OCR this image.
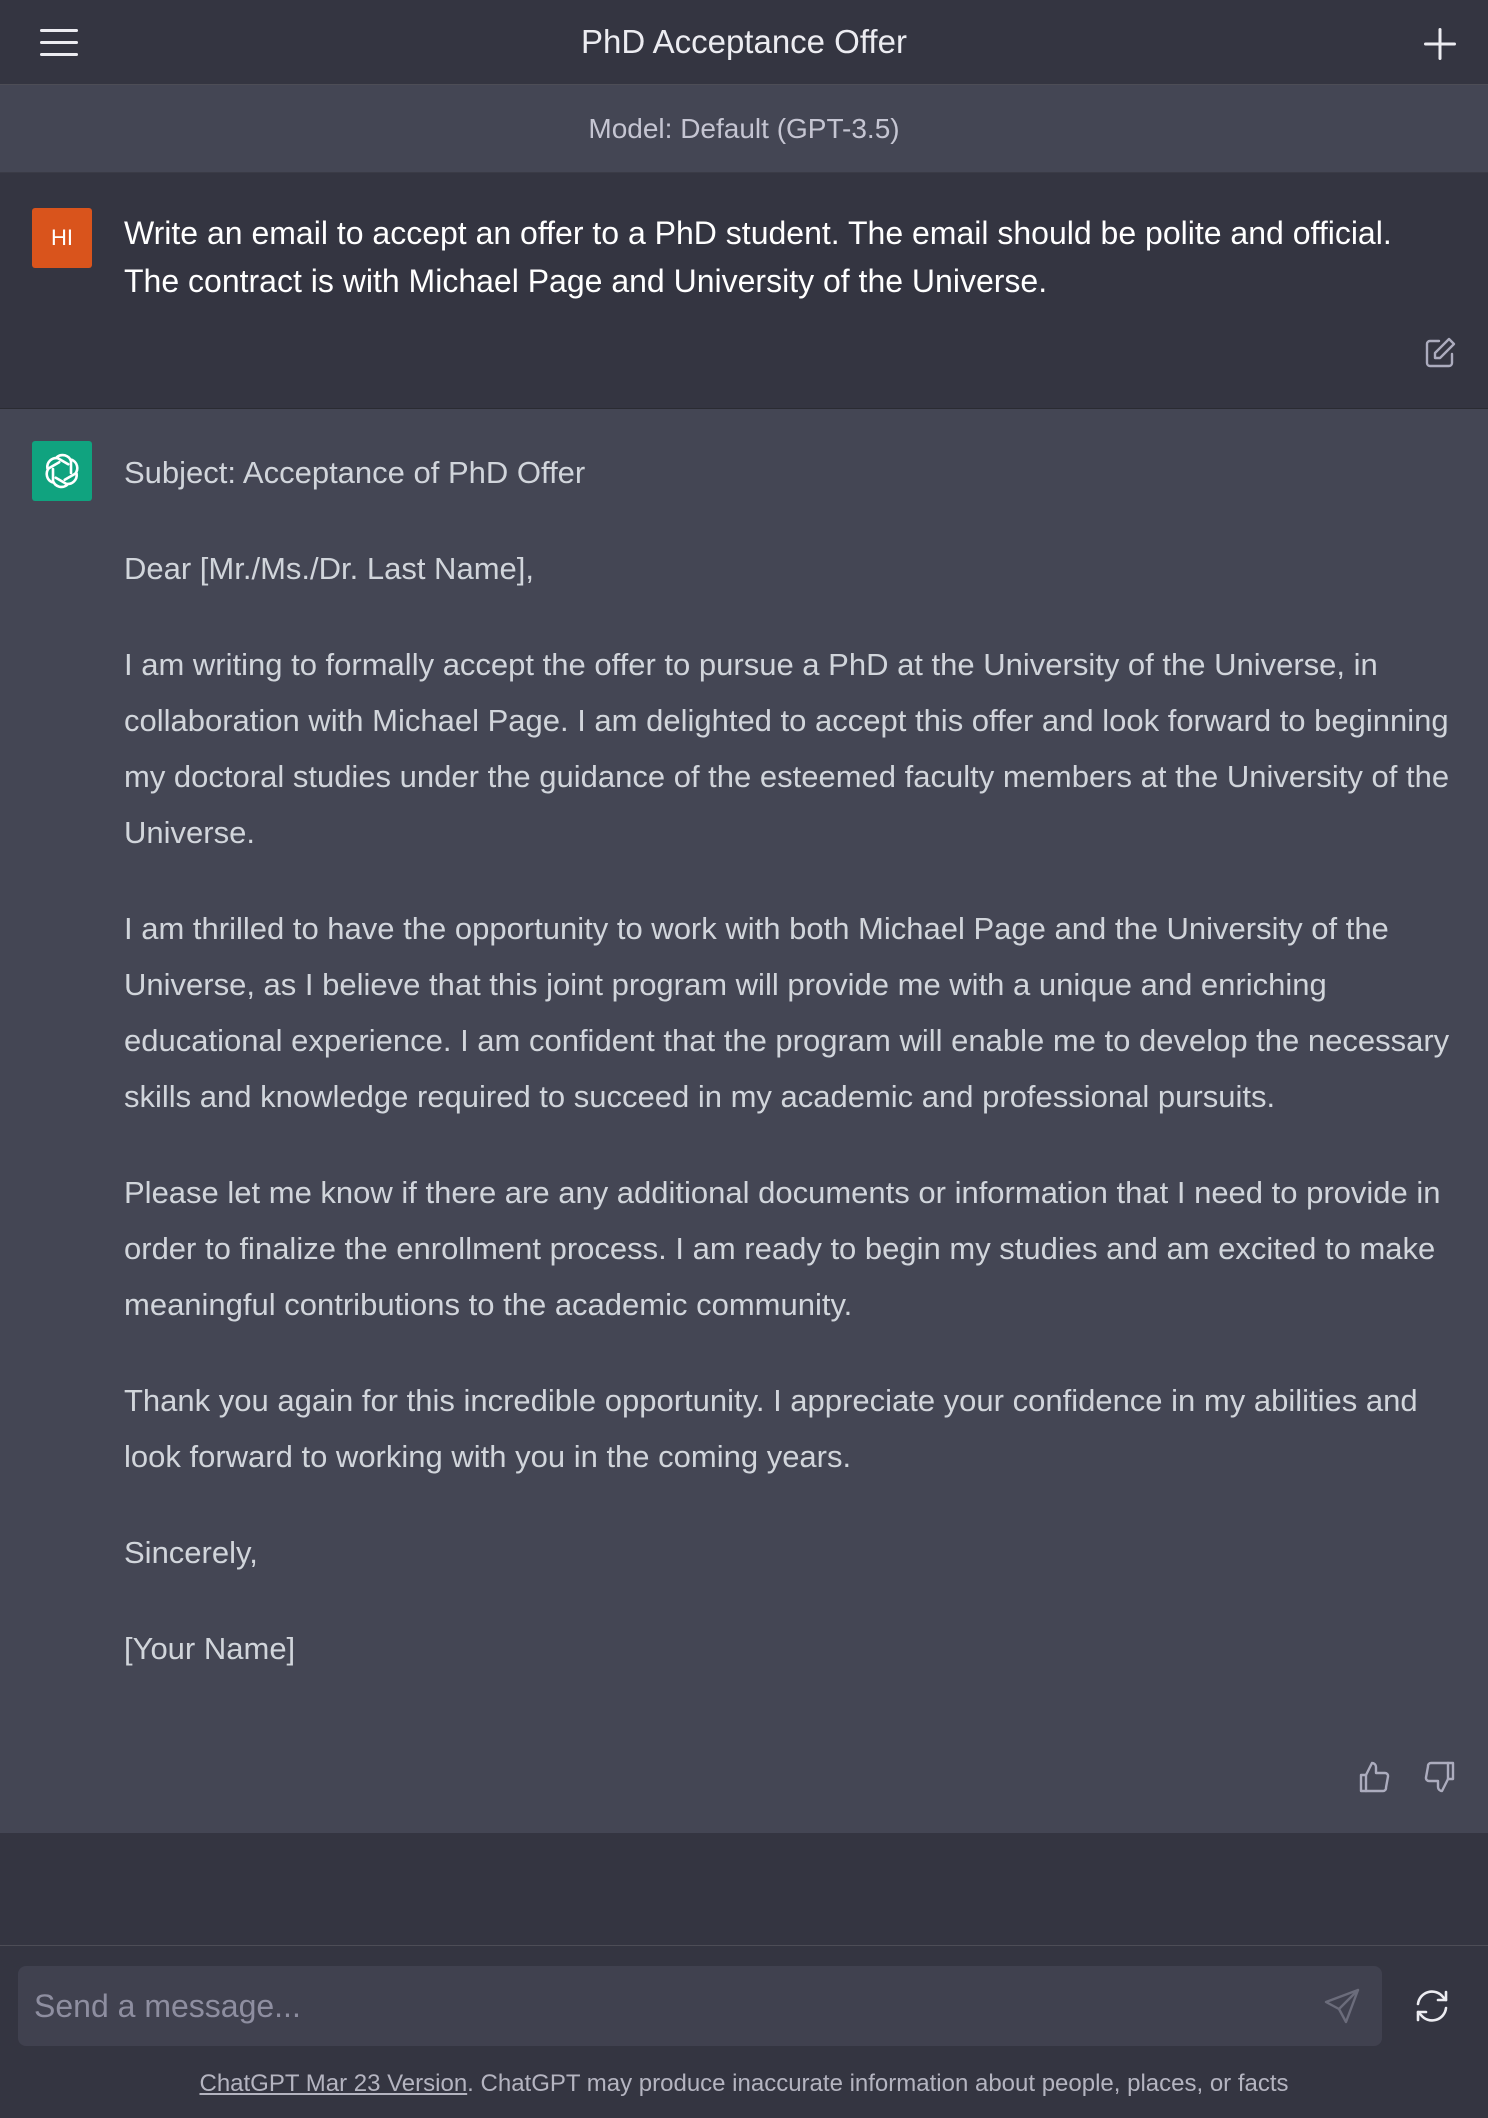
PhD Acceptance Offer
Model: Default (GPT-3.5)
HI Write an email to accept an offer to a PhD student. The email should be polite and official. The contract is with Michael Page and University of the Universe.

Subject: Acceptance of PhD Offer

Dear [Mr./Ms./Dr. Last Name],

I am writing to formally accept the offer to pursue a PhD at the University of the Universe, in collaboration with Michael Page. I am delighted to accept this offer and look forward to beginning my doctoral studies under the guidance of the esteemed faculty members at the University of the Universe.

I am thrilled to have the opportunity to work with both Michael Page and the University of the Universe, as I believe that this joint program will provide me with a unique and enriching educational experience. I am confident that the program will enable me to develop the necessary skills and knowledge required to succeed in my academic and professional pursuits.

Please let me know if there are any additional documents or information that I need to provide in order to finalize the enrollment process. I am ready to begin my studies and am excited to make meaningful contributions to the academic community.

Thank you again for this incredible opportunity. I appreciate your confidence in my abilities and look forward to working with you in the coming years.

Sincerely,

[Your Name]

Send a message...
ChatGPT Mar 23 Version. ChatGPT may produce inaccurate information about people, places, or facts
